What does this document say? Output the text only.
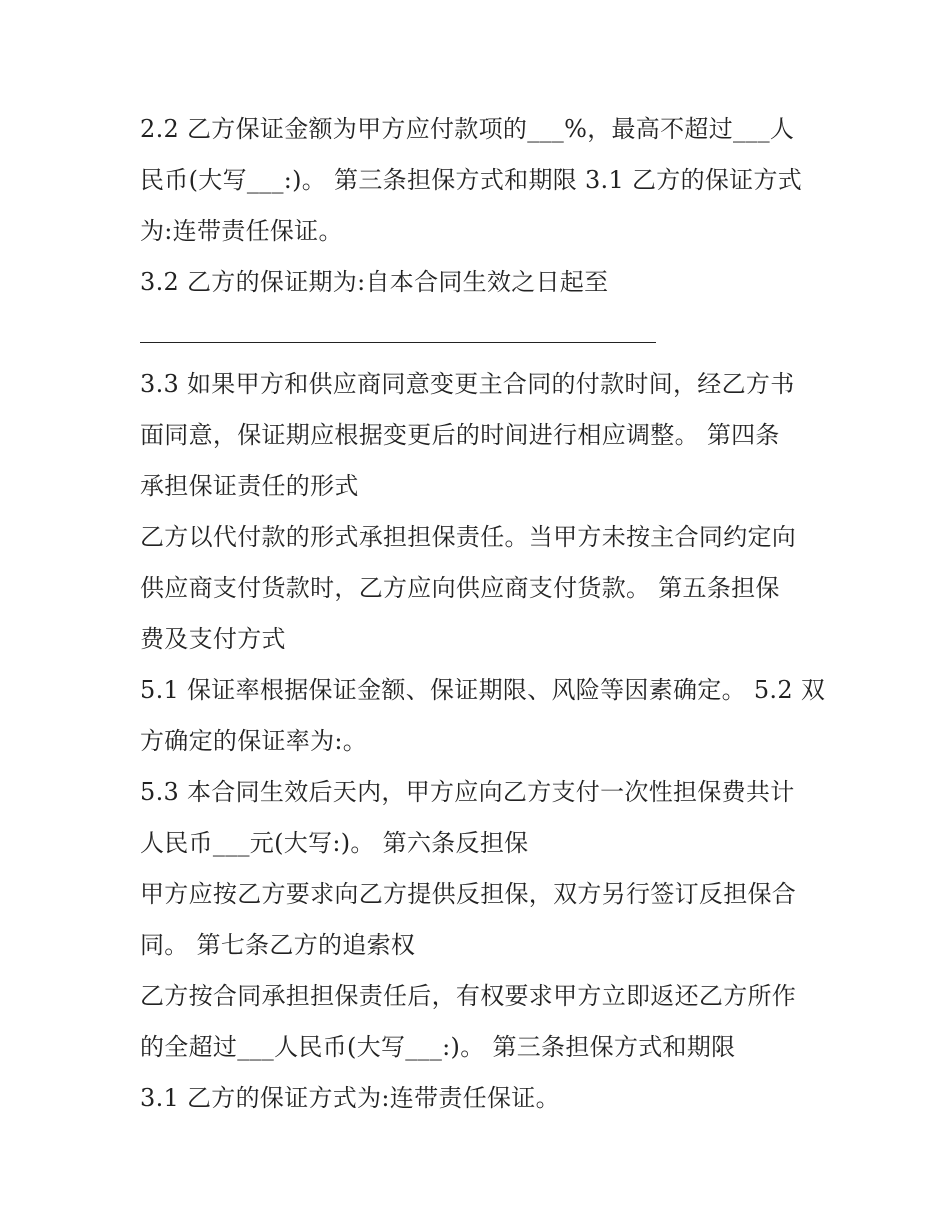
2.2 乙方保证金额为甲方应付款项的___%，最高不超过___人
民币(大写___:)。 第三条担保方式和期限 3.1 乙方的保证方式
为:连带责任保证。
3.2 乙方的保证期为:自本合同生效之日起至
3.3 如果甲方和供应商同意变更主合同的付款时间，经乙方书
面同意，保证期应根据变更后的时间进行相应调整。 第四条
承担保证责任的形式
乙方以代付款的形式承担担保责任。当甲方未按主合同约定向
供应商支付货款时，乙方应向供应商支付货款。 第五条担保
费及支付方式
5.1 保证率根据保证金额、保证期限、风险等因素确定。 5.2 双
方确定的保证率为:。
5.3 本合同生效后天内，甲方应向乙方支付一次性担保费共计
人民币___元(大写:)。 第六条反担保
甲方应按乙方要求向乙方提供反担保，双方另行签订反担保合
同。 第七条乙方的追索权
乙方按合同承担担保责任后，有权要求甲方立即返还乙方所作
的全超过___人民币(大写___:)。 第三条担保方式和期限
3.1 乙方的保证方式为:连带责任保证。
